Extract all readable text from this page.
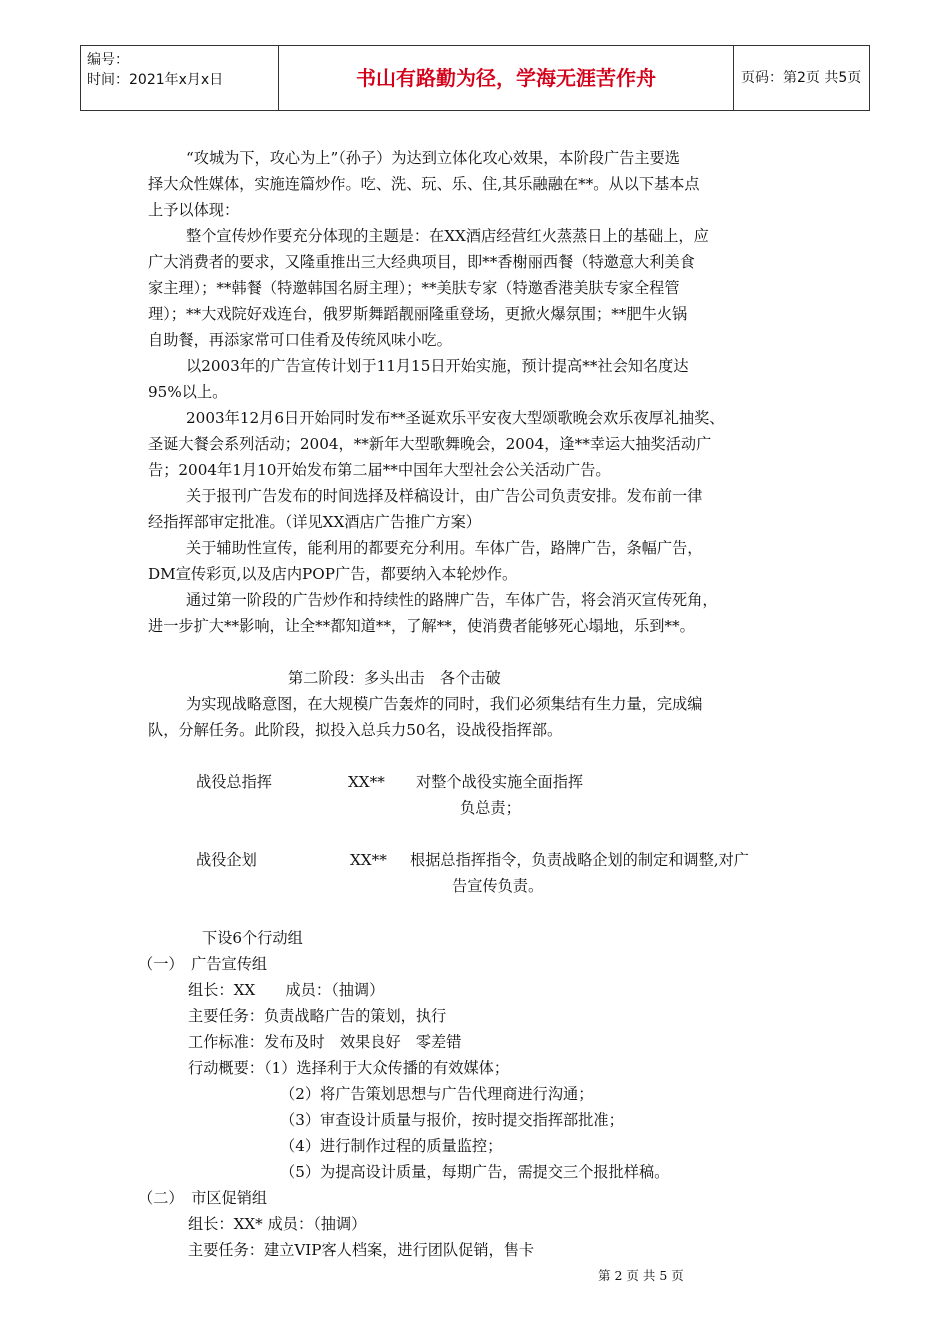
编号：
时间：2021年x月x日	书山有路勤为径，学海无涯苦作舟	页码：第2页 共5页
“攻城为下，攻心为上”（孙子）为达到立体化攻心效果，本阶段广告主要选
择大众性媒体，实施连篇炒作。吃、洗、玩、乐、住,其乐融融在**。从以下基本点
上予以体现：
整个宣传炒作要充分体现的主题是：在XX酒店经营红火蒸蒸日上的基础上，应
广大消费者的要求，又隆重推出三大经典项目，即**香榭丽西餐（特邀意大利美食
家主理）；**韩餐（特邀韩国名厨主理）；**美肤专家（特邀香港美肤专家全程管
理）；**大戏院好戏连台，俄罗斯舞蹈靓丽隆重登场，更掀火爆氛围；**肥牛火锅
自助餐，再添家常可口佳肴及传统风味小吃。
以2003年的广告宣传计划于11月15日开始实施，预计提高**社会知名度达
95%以上。
2003年12月6日开始同时发布**圣诞欢乐平安夜大型颂歌晚会欢乐夜厚礼抽奖、
圣诞大餐会系列活动；2004，**新年大型歌舞晚会，2004，逢**幸运大抽奖活动广
告；2004年1月10开始发布第二届**中国年大型社会公关活动广告。
关于报刊广告发布的时间选择及样稿设计，由广告公司负责安排。发布前一律
经指挥部审定批准。（详见XX酒店广告推广方案）
关于辅助性宣传，能利用的都要充分利用。车体广告，路牌广告，条幅广告，
DM宣传彩页,以及店内POP广告，都要纳入本轮炒作。
通过第一阶段的广告炒作和持续性的路牌广告，车体广告，将会消灭宣传死角，
进一步扩大**影响，让全**都知道**，了解**，使消费者能够死心塌地，乐到**。
第二阶段：多头出击　各个击破
为实现战略意图，在大规模广告轰炸的同时，我们必须集结有生力量，完成编
队，分解任务。此阶段，拟投入总兵力50名，设战役指挥部。
战役总指挥	XX** 对整个战役实施全面指挥
负总责；
战役企划	XX** 根据总指挥指令，负责战略企划的制定和调整,对广
告宣传负责。
下设6个行动组
（一）　广告宣传组
组长：XX　　成员：（抽调）
主要任务：负责战略广告的策划，执行
工作标准：发布及时　效果良好　零差错
行动概要：（1）选择利于大众传播的有效媒体；
（2）将广告策划思想与广告代理商进行沟通；
（3）审查设计质量与报价，按时提交指挥部批准；
（4）进行制作过程的质量监控；
（5）为提高设计质量，每期广告，需提交三个报批样稿。
（二）　市区促销组
组长：XX* 成员：（抽调）
主要任务：建立VIP客人档案，进行团队促销，售卡
第 2 页 共 5 页
